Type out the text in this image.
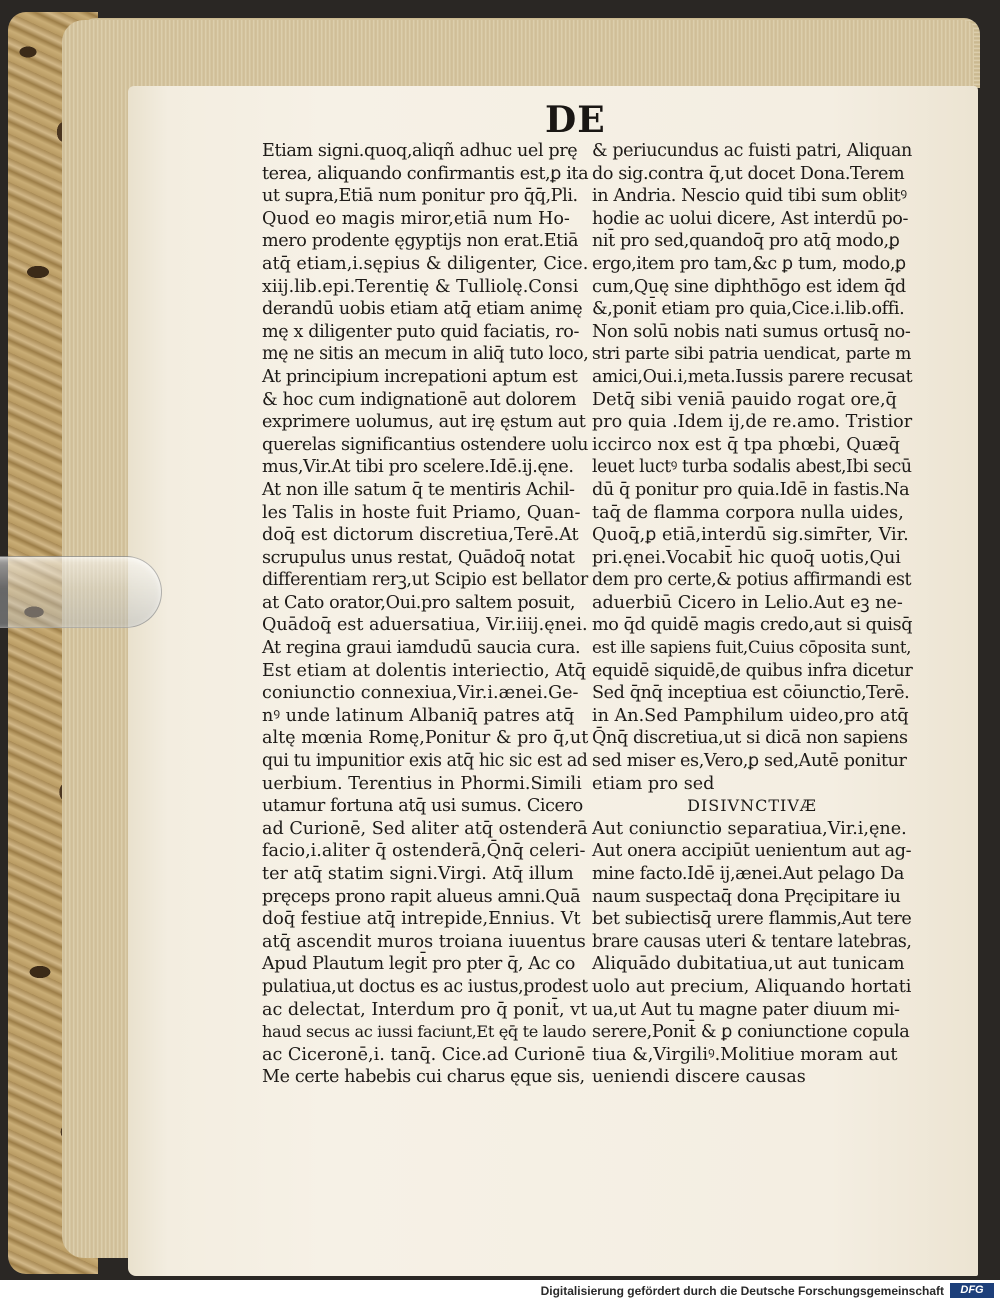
DE
Etiam signi.quoq,aliqñ adhuc uel prę
terea, aliquando confirmantis est,ꝑ ita
ut supra,Etiā num ponitur pro q̄q̄,Pli.
Quod eo magis miror,etiā num Ho-
mero prodente ęgyptijs non erat.Etiā
atq̄ etiam,i.sępius & diligenter, Cice.
xiij.lib.epi.Terentię & Tulliolę.Consi
derandū uobis etiam atq̄ etiam animę
mę x diligenter puto quid faciatis, ro-
mę ne sitis an mecum in aliq̄ tuto loco,
At principium increpationi aptum est
& hoc cum indignationē aut dolorem
exprimere uolumus, aut irę ęstum aut
querelas significantius ostendere uolu
mus,Vir.At tibi pro scelere.Idē.ij.ęne.
At non ille satum q̄ te mentiris Achil-
les Talis in hoste fuit Priamo, Quan-
doq̄ est dictorum discretiua,Terē.At
scrupulus unus restat, Quādoq̄ notat
differentiam rerꝫ,ut Scipio est bellator
at Cato orator,Oui.pro saltem posuit,
Quādoq̄ est aduersatiua, Vir.iiij.ęnei.
At regina graui iamdudū saucia cura.
Est etiam at dolentis interiectio, Atq̄
coniunctio connexiua,Vir.i.ænei.Ge-
nꝰ unde latinum Albaniq̄ patres atq̄
altę mœnia Romę,Ponitur & pro q̄,ut
qui tu impunitior exis atq̄ hic sic est ad
uerbium. Terentius in Phormi.Simili
utamur fortuna atq̄ usi sumus. Cicero
ad Curionē, Sed aliter atq̄ ostenderā
facio,i.aliter q̄ ostenderā,Q̄nq̄ celeri-
ter atq̄ statim signi.Virgi. Atq̄ illum
pręceps prono rapit alueus amni.Quā
doq̄ festiue atq̄ intrepide,Ennius. Vt
atq̄ ascendit muros troiana iuuentus
Apud Plautum legit̄ pro pter q̄, Ac co
pulatiua,ut doctus es ac iustus,prodest
ac delectat, Interdum pro q̄ ponit̄, vt
haud secus ac iussi faciunt,Et ęq̄ te laudo
ac Ciceronē,i. tanq̄. Cice.ad Curionē
Me certe habebis cui charus ęque sis,
& periucundus ac fuisti patri, Aliquan
do sig.contra q̄,ut docet Dona.Terem
in Andria. Nescio quid tibi sum oblitꝰ
hodie ac uolui dicere, Ast interdū po-
nit̄ pro sed,quandoq̄ pro atq̄ modo,ꝑ
ergo,item pro tam,&c ꝑ tum, modo,ꝑ
cum,Quę sine diphthōgo est idem q̄d
&,ponit̄ etiam pro quia,Cice.i.lib.offi.
Non solū nobis nati sumus ortusq̄ no-
stri parte sibi patria uendicat, parte m
amici,Oui.i,meta.Iussis parere recusat
Detq̄ sibi veniā pauido rogat ore,q̄
pro quia .Idem ij,de re.amo. Tristior
iccirco nox est q̄ tpa phœbi, Quæq̄
leuet luctꝰ turba sodalis abest,Ibi secū
dū q̄ ponitur pro quia.Idē in fastis.Na
taq̄ de flamma corpora nulla uides,
Quoq̄,ꝑ etiā,interdū sig.simr̄ter, Vir.
pri.ęnei.Vocabit̄ hic quoq̄ uotis,Qui
dem pro certe,& potius affirmandi est
aduerbiū Cicero in Lelio.Aut eꝫ ne-
mo q̄d quidē magis credo,aut si quisq̄
est ille sapiens fuit,Cuius cōposita sunt,
equidē siquidē,de quibus infra dicetur
Sed q̄nq̄ inceptiua est cōiunctio,Terē.
in An.Sed Pamphilum uideo,pro atq̄
Q̄nq̄ discretiua,ut si dicā non sapiens
sed miser es,Vero,ꝑ sed,Autē ponitur
etiam pro sed
DISIVNCTIVÆ
Aut coniunctio separatiua,Vir.i,ęne.
Aut onera accipiūt uenientum aut ag-
mine facto.Idē ij,ænei.Aut pelago Da
naum suspectaq̄ dona Pręcipitare iu
bet subiectisq̄ urere flammis,Aut tere
brare causas uteri & tentare latebras,
Aliquādo dubitatiua,ut aut tunicam
uolo aut precium, Aliquando hortati
ua,ut Aut tu magne pater diuum mi-
serere,Ponit̄ & ꝑ coniunctione copula
tiua &,Virgiliꝰ.Molitiue moram aut
ueniendi discere causas
Digitalisierung gefördert durch die Deutsche Forschungsgemeinschaft	DFG
